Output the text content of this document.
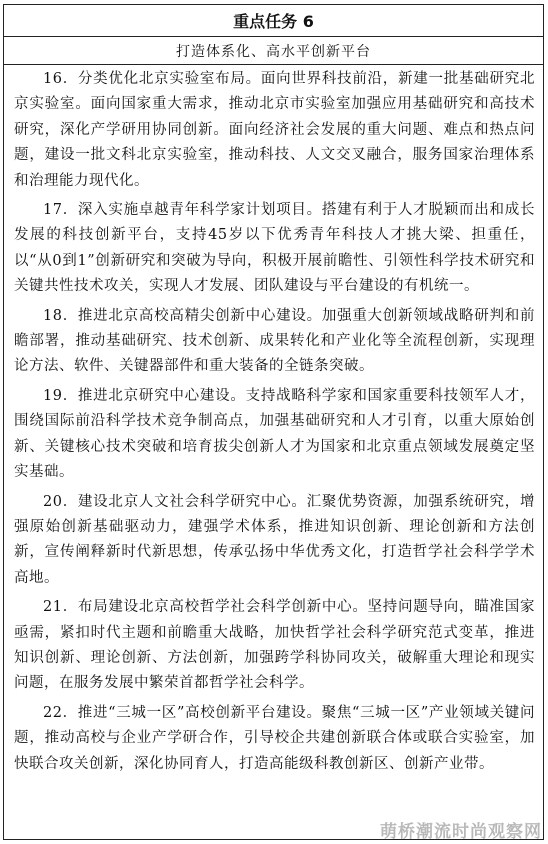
重点任务 6
打造体系化、高水平创新平台

16．分类优化北京实验室布局。面向世界科技前沿，新建一批基础研究北京实验室。面向国家重大需求，推动北京市实验室加强应用基础研究和高技术研究，深化产学研用协同创新。面向经济社会发展的重大问题、难点和热点问题，建设一批文科北京实验室，推动科技、人文交叉融合，服务国家治理体系和治理能力现代化。

17．深入实施卓越青年科学家计划项目。搭建有利于人才脱颖而出和成长发展的科技创新平台，支持45岁以下优秀青年科技人才挑大梁、担重任，以“从0到1”创新研究和突破为导向，积极开展前瞻性、引领性科学技术研究和关键共性技术攻关，实现人才发展、团队建设与平台建设的有机统一。

18．推进北京高校高精尖创新中心建设。加强重大创新领域战略研判和前瞻部署，推动基础研究、技术创新、成果转化和产业化等全流程创新，实现理论方法、软件、关键器部件和重大装备的全链条突破。

19．推进北京研究中心建设。支持战略科学家和国家重要科技领军人才，围绕国际前沿科学技术竞争制高点，加强基础研究和人才引育，以重大原始创新、关键核心技术突破和培育拔尖创新人才为国家和北京重点领域发展奠定坚实基础。

20．建设北京人文社会科学研究中心。汇聚优势资源，加强系统研究，增强原始创新基础驱动力，建强学术体系，推进知识创新、理论创新和方法创新，宣传阐释新时代新思想，传承弘扬中华优秀文化，打造哲学社会科学学术高地。

21．布局建设北京高校哲学社会科学创新中心。坚持问题导向，瞄准国家亟需，紧扣时代主题和前瞻重大战略，加快哲学社会科学研究范式变革，推进知识创新、理论创新、方法创新，加强跨学科协同攻关，破解重大理论和现实问题，在服务发展中繁荣首都哲学社会科学。

22．推进“三城一区”高校创新平台建设。聚焦“三城一区”产业领域关键问题，推动高校与企业产学研合作，引导校企共建创新联合体或联合实验室，加快联合攻关创新，深化协同育人，打造高能级科教创新区、创新产业带。

萌桥潮流时尚观察网
